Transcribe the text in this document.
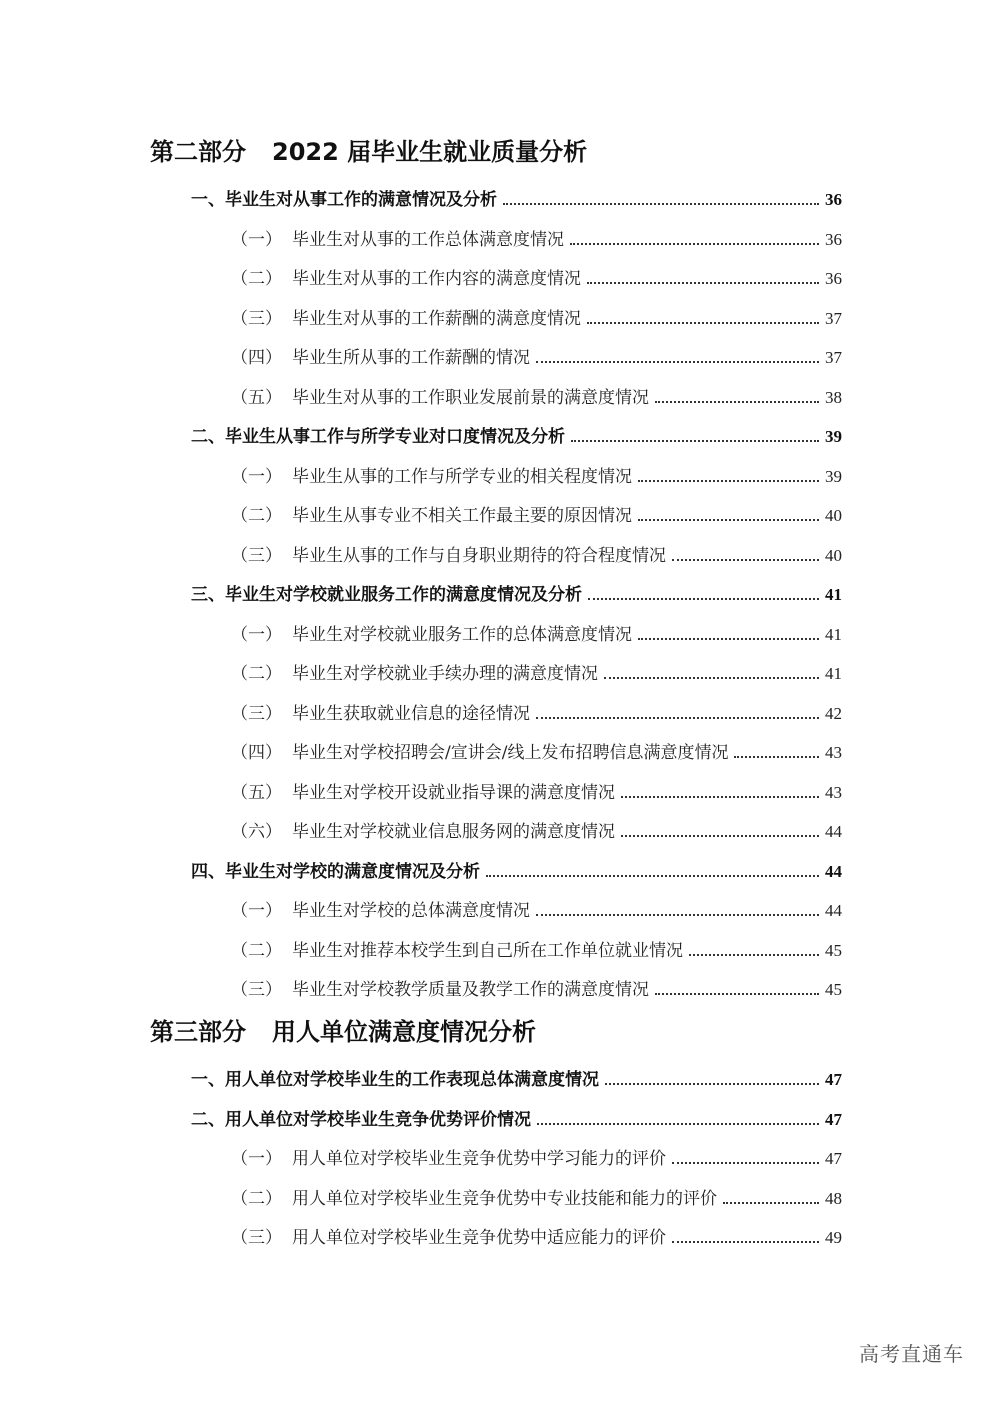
第二部分 2022 届毕业生就业质量分析
一、毕业生对从事工作的满意情况及分析	36
（一） 毕业生对从事的工作总体满意度情况	36
（二） 毕业生对从事的工作内容的满意度情况	36
（三） 毕业生对从事的工作薪酬的满意度情况	37
（四） 毕业生所从事的工作薪酬的情况	37
（五） 毕业生对从事的工作职业发展前景的满意度情况	38
二、毕业生从事工作与所学专业对口度情况及分析	39
（一） 毕业生从事的工作与所学专业的相关程度情况	39
（二） 毕业生从事专业不相关工作最主要的原因情况	40
（三） 毕业生从事的工作与自身职业期待的符合程度情况	40
三、毕业生对学校就业服务工作的满意度情况及分析	41
（一） 毕业生对学校就业服务工作的总体满意度情况	41
（二） 毕业生对学校就业手续办理的满意度情况	41
（三） 毕业生获取就业信息的途径情况	42
（四） 毕业生对学校招聘会/宣讲会/线上发布招聘信息满意度情况	43
（五） 毕业生对学校开设就业指导课的满意度情况	43
（六） 毕业生对学校就业信息服务网的满意度情况	44
四、毕业生对学校的满意度情况及分析	44
（一） 毕业生对学校的总体满意度情况	44
（二） 毕业生对推荐本校学生到自己所在工作单位就业情况	45
（三） 毕业生对学校教学质量及教学工作的满意度情况	45
第三部分 用人单位满意度情况分析
一、用人单位对学校毕业生的工作表现总体满意度情况	47
二、用人单位对学校毕业生竞争优势评价情况	47
（一） 用人单位对学校毕业生竞争优势中学习能力的评价	47
（二） 用人单位对学校毕业生竞争优势中专业技能和能力的评价	48
（三） 用人单位对学校毕业生竞争优势中适应能力的评价	49
高考直通车
